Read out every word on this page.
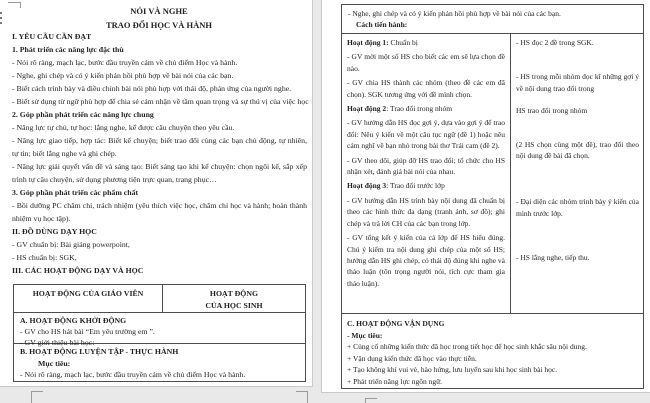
NÓI VÀ NGHE
TRAO ĐỔI HỌC VÀ HÀNH
I. YÊU CẦU CẦN ĐẠT
1. Phát triển các năng lực đặc thù
- Nói rõ ràng, mạch lạc, bước đầu truyền cảm về chủ điểm Học và hành.
- Nghe, ghi chép và có ý kiến phản hồi phù hợp về bài nói của các bạn.
- Biết cách trình bày và điều chỉnh bài nói phù hợp với thái độ, phản ứng của người nghe.
- Biết sử dụng từ ngữ phù hợp để chia sẻ cảm nhận về tầm quan trọng và sự thú vị của việc học
2. Góp phần phát triển các năng lực chung
- Năng lực tự chủ, tự học: lắng nghe, kể được câu chuyện theo yêu cầu.
- Năng lực giao tiếp, hợp tác: Biết kể chuyện; biết trao đổi cùng các bạn chủ động, tự nhiên, tự tin; biết lắng nghe và ghi chép.
- Năng lực giải quyết vấn đề và sáng tạo: Biết sáng tạo khi kể chuyện: chọn ngôi kể, sắp xếp trình tự câu chuyện, sử dụng phương tiện trực quan, trang phục…
3. Góp phần phát triển các phẩm chất
- Bồi dưỡng PC chăm chỉ, trách nhiệm (yêu thích việc học, chăm chỉ học và hành; hoàn thành nhiệm vụ học tập).
II. ĐỒ DÙNG DẠY HỌC
- GV chuẩn bị: Bài giảng powerpoint,
- HS chuẩn bị: SGK,
III. CÁC HOẠT ĐỘNG DẠY VÀ HỌC
HOẠT ĐỘNG CỦA GIÁO VIÊN	HOẠT ĐỘNG
CỦA HỌC SINH
A. HOẠT ĐỘNG KHỞI ĐỘNG
- GV cho HS hát bài “Em yêu trường em ”.
- GV giới thiệu bài học:
B. HOẠT ĐỘNG LUYỆN TẬP - THỰC HÀNH
Mục tiêu:
- Nói rõ ràng, mạch lạc, bước đầu truyền cảm về chủ điểm Học và hành.
- Nghe, ghi chép và có ý kiến phản hồi phù hợp về bài nói của các bạn.
Cách tiến hành:

Hoạt động 1: Chuẩn bị

- GV mời một số HS cho biết các em sẽ lựa chọn đề nào.

- GV chia HS thành các nhóm (theo đề các em đã chọn). SGK tương ứng với đề mình chọn.

Hoạt động 2: Trao đổi trong nhóm

- GV hướng dẫn HS đọc gợi ý, dựa vào gợi ý để trao đổi: Nêu ý kiến về một câu tục ngữ (đề 1) hoặc nêu cảm nghĩ về bạn nhỏ trong bài thơ Trái cam (đề 2).

- GV theo dõi, giúp đỡ HS trao đổi; tổ chức cho HS nhận xét, đánh giá bài nói của nhau.

Hoạt động 3: Trao đổi trước lớp

- GV hướng dẫn HS trình bày nội dung đã chuẩn bị theo các hình thức đa dạng (tranh ảnh, sơ đồ); ghi chép và trả lời CH của các bạn trong lớp.

- GV tổng kết ý kiến của cả lớp để HS hiểu đúng. Chú ý kiểm tra nội dung ghi chép của một số HS; hướng dẫn HS ghi chép, có thái độ đúng khi nghe và thảo luận (tôn trọng người nói, tích cực tham gia thảo luận).

- HS đọc 2 đề trong SGK.

- HS trong mỗi nhóm đọc kĩ những gợi ý về nội dung trao đổi trong

HS trao đổi trong nhóm

(2 HS chọn cùng một đề), trao đổi theo nội dung đề bài đã chọn.

- Đại diện các nhóm trình bày ý kiến của mình trước lớp.

- HS lắng nghe, tiếp thu.

C. HOẠT ĐỘNG VẬN DỤNG
- Mục tiêu:
+ Củng cố những kiến thức đã học trong tiết học để học sinh khắc sâu nội dung.
+ Vận dụng kiến thức đã học vào thực tiễn.
+ Tạo không khí vui vẻ, hào hứng, lưu luyến sau khi học sinh bài học.
+ Phát triển năng lực ngôn ngữ.
